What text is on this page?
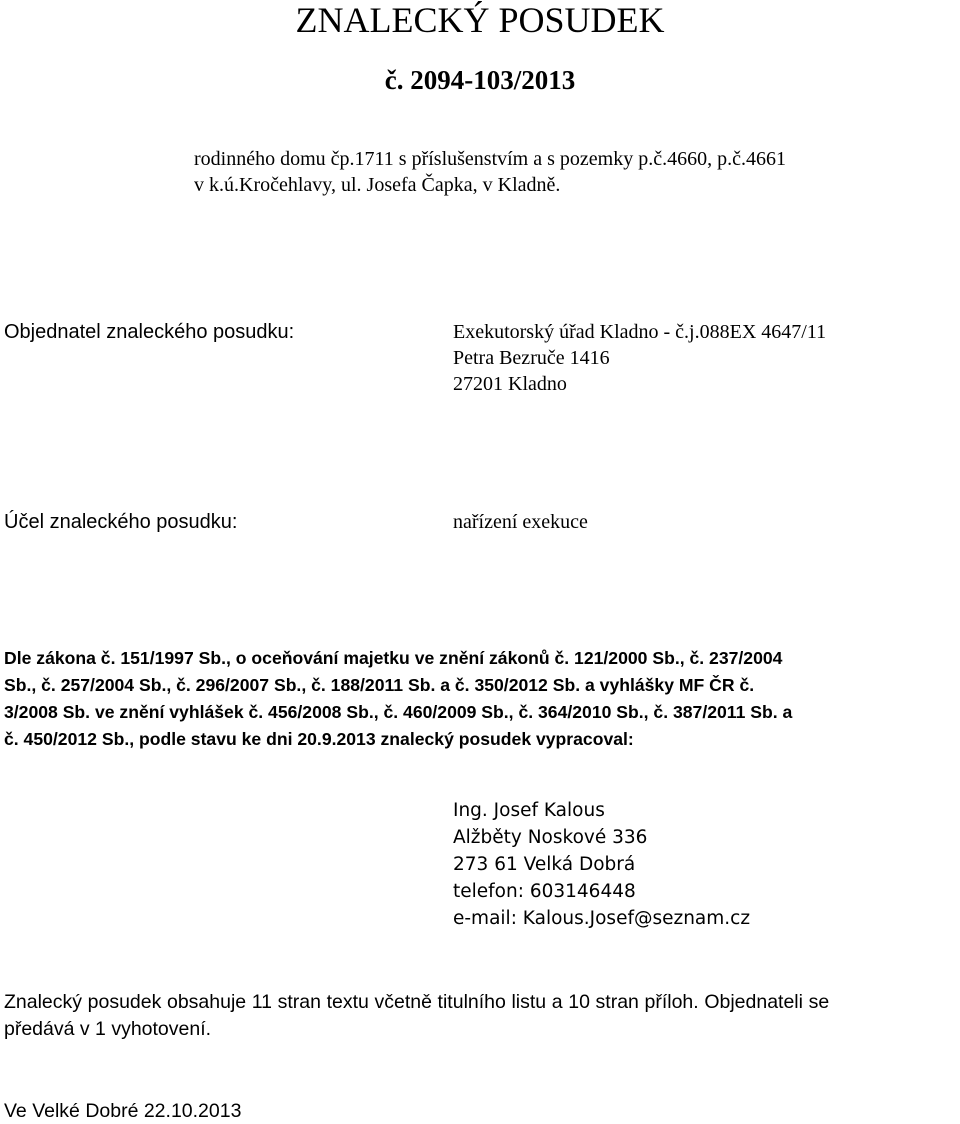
ZNALECKÝ POSUDEK
č. 2094-103/2013
rodinného domu čp.1711 s příslušenstvím a s pozemky p.č.4660, p.č.4661
v k.ú.Kročehlavy, ul. Josefa Čapka, v Kladně.
Objednatel znaleckého posudku:	Exekutorský úřad Kladno - č.j.088EX 4647/11
Petra Bezruče 1416
27201 Kladno
Účel znaleckého posudku:	nařízení exekuce
Dle zákona č. 151/1997 Sb., o oceňování majetku ve znění zákonů č. 121/2000 Sb., č. 237/2004
Sb., č. 257/2004 Sb., č. 296/2007 Sb., č. 188/2011 Sb. a č. 350/2012 Sb. a vyhlášky MF ČR č.
3/2008 Sb. ve znění vyhlášek č. 456/2008 Sb., č. 460/2009 Sb., č. 364/2010 Sb., č. 387/2011 Sb. a
č. 450/2012 Sb., podle stavu ke dni 20.9.2013 znalecký posudek vypracoval:
Ing. Josef Kalous
Alžběty Noskové 336
273 61 Velká Dobrá
telefon: 603146448
e-mail: Kalous.Josef@seznam.cz
Znalecký posudek obsahuje 11 stran textu včetně titulního listu a 10 stran příloh. Objednateli se
předává v 1 vyhotovení.
Ve Velké Dobré 22.10.2013
